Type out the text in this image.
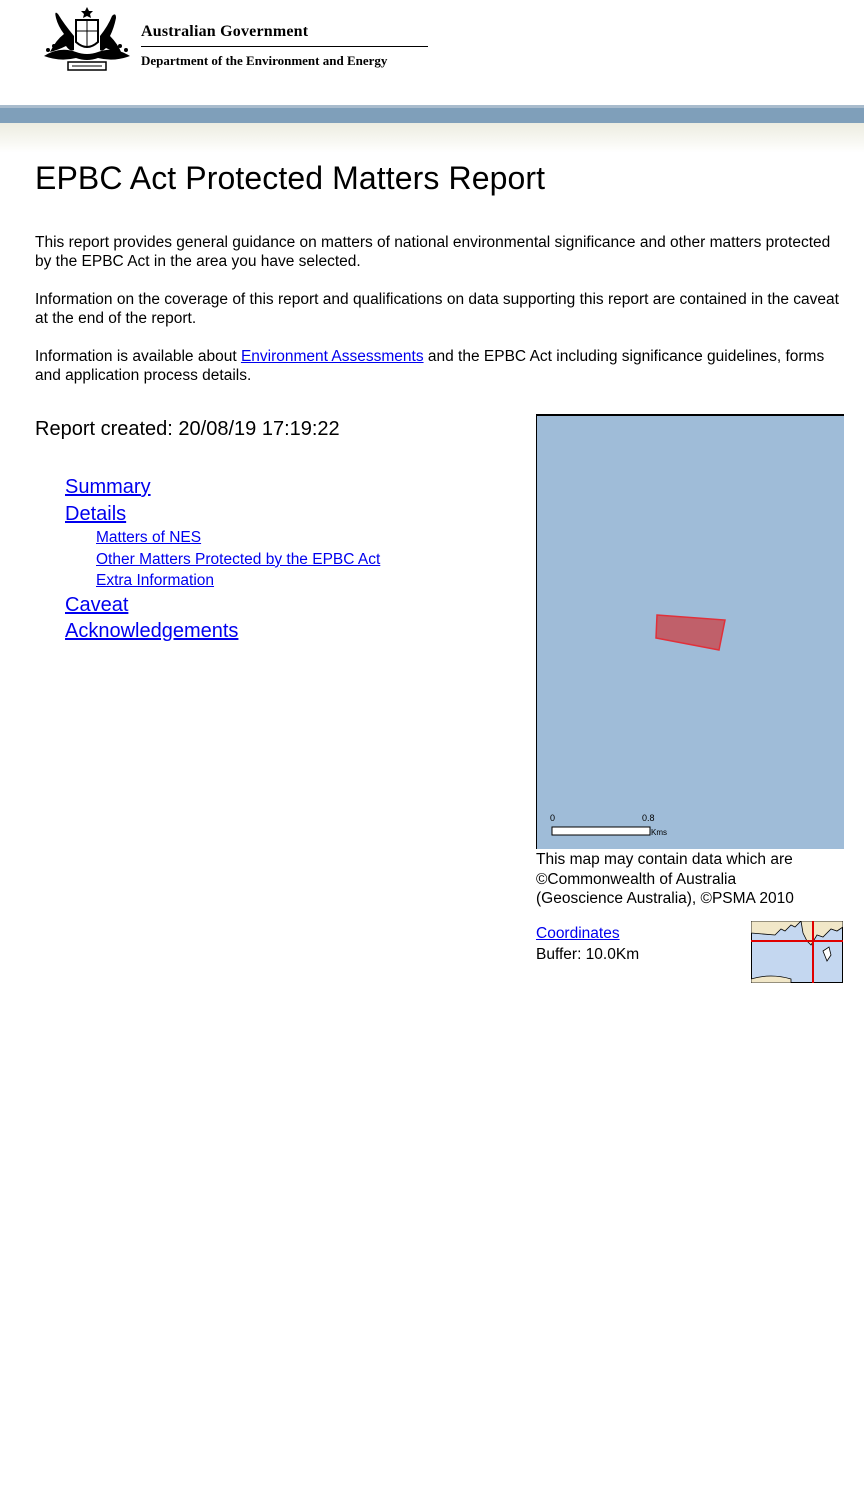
Australian Government
Department of the Environment and Energy
EPBC Act Protected Matters Report

This report provides general guidance on matters of national environmental significance and other matters protected by the EPBC Act in the area you have selected.

Information on the coverage of this report and qualifications on data supporting this report are contained in the caveat at the end of the report.

Information is available about Environment Assessments and the EPBC Act including significance guidelines, forms and application process details.

Report created: 20/08/19 17:19:22
Summary
Details
Matters of NES
Other Matters Protected by the EPBC Act
Extra Information
Caveat
Acknowledgements
0	0.8
Kms
This map may contain data which are
©Commonwealth of Australia
(Geoscience Australia), ©PSMA 2010
Coordinates
Buffer: 10.0Km
